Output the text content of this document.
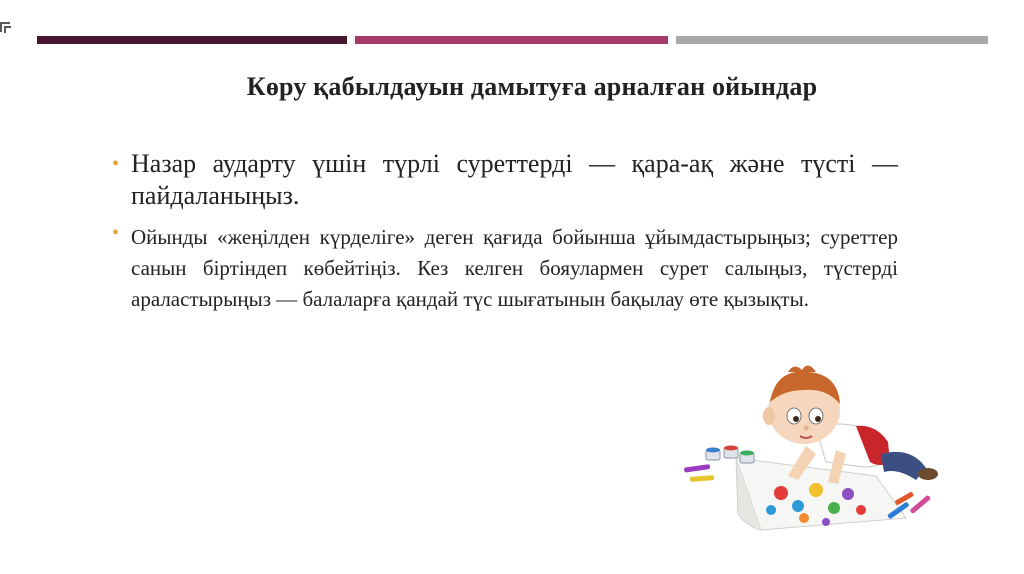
Көру қабылдауын дамытуға арналған ойындар
• Назар аударту үшін түрлі суреттерді — қара-ақ және түсті — пайдаланыңыз.
• Ойынды «жеңілден күрделіге» деген қағида бойынша ұйымдастырыңыз; суреттер санын біртіндеп көбейтіңіз. Кез келген бояулармен сурет салыңыз, түстерді араластырыңыз — балаларға қандай түс шығатынын бақылау өте қызықты.
